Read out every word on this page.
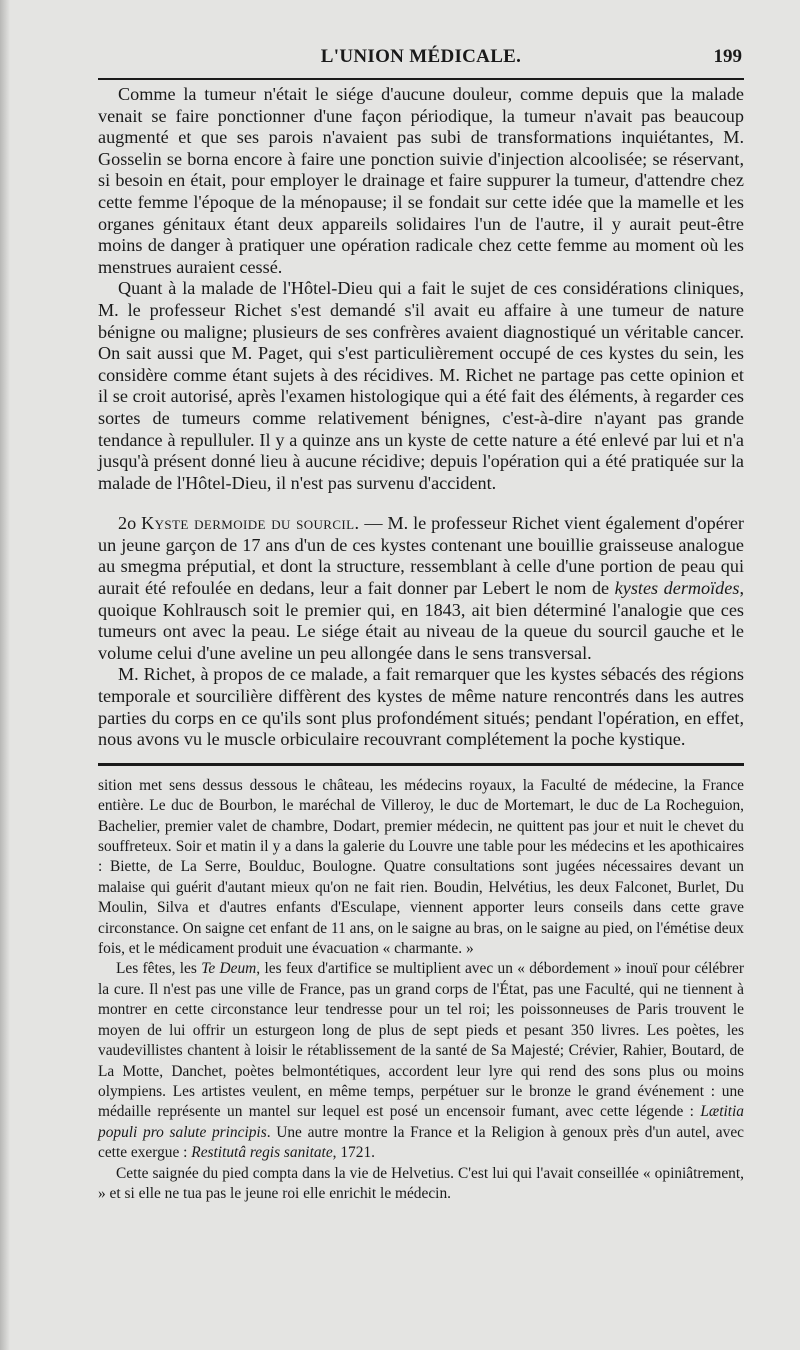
L'UNION MÉDICALE.	199

Comme la tumeur n'était le siége d'aucune douleur, comme depuis que la malade venait se faire ponctionner d'une façon périodique, la tumeur n'avait pas beaucoup augmenté et que ses parois n'avaient pas subi de transformations inquiétantes, M. Gosselin se borna encore à faire une ponction suivie d'injection alcoolisée; se réservant, si besoin en était, pour employer le drainage et faire suppurer la tumeur, d'attendre chez cette femme l'époque de la ménopause; il se fondait sur cette idée que la mamelle et les organes génitaux étant deux appareils solidaires l'un de l'autre, il y aurait peut-être moins de danger à pratiquer une opération radicale chez cette femme au moment où les menstrues auraient cessé.

Quant à la malade de l'Hôtel-Dieu qui a fait le sujet de ces considérations cliniques, M. le professeur Richet s'est demandé s'il avait eu affaire à une tumeur de nature bénigne ou maligne; plusieurs de ses confrères avaient diagnostiqué un véritable cancer. On sait aussi que M. Paget, qui s'est particulièrement occupé de ces kystes du sein, les considère comme étant sujets à des récidives. M. Richet ne partage pas cette opinion et il se croit autorisé, après l'examen histologique qui a été fait des éléments, à regarder ces sortes de tumeurs comme relativement bénignes, c'est-à-dire n'ayant pas grande tendance à repulluler. Il y a quinze ans un kyste de cette nature a été enlevé par lui et n'a jusqu'à présent donné lieu à aucune récidive; depuis l'opération qui a été pratiquée sur la malade de l'Hôtel-Dieu, il n'est pas survenu d'accident.

2o Kyste dermoide du sourcil. — M. le professeur Richet vient également d'opérer un jeune garçon de 17 ans d'un de ces kystes contenant une bouillie graisseuse analogue au smegma préputial, et dont la structure, ressemblant à celle d'une portion de peau qui aurait été refoulée en dedans, leur a fait donner par Lebert le nom de kystes dermoïdes, quoique Kohlrausch soit le premier qui, en 1843, ait bien déterminé l'analogie que ces tumeurs ont avec la peau. Le siége était au niveau de la queue du sourcil gauche et le volume celui d'une aveline un peu allongée dans le sens transversal.

M. Richet, à propos de ce malade, a fait remarquer que les kystes sébacés des régions temporale et sourcilière diffèrent des kystes de même nature rencontrés dans les autres parties du corps en ce qu'ils sont plus profondément situés; pendant l'opération, en effet, nous avons vu le muscle orbiculaire recouvrant complétement la poche kystique.

sition met sens dessus dessous le château, les médecins royaux, la Faculté de médecine, la France entière. Le duc de Bourbon, le maréchal de Villeroy, le duc de Mortemart, le duc de La Rocheguion, Bachelier, premier valet de chambre, Dodart, premier médecin, ne quittent pas jour et nuit le chevet du souffreteux. Soir et matin il y a dans la galerie du Louvre une table pour les médecins et les apothicaires : Biette, de La Serre, Boulduc, Boulogne. Quatre consultations sont jugées nécessaires devant un malaise qui guérit d'autant mieux qu'on ne fait rien. Boudin, Helvétius, les deux Falconet, Burlet, Du Moulin, Silva et d'autres enfants d'Esculape, viennent apporter leurs conseils dans cette grave circonstance. On saigne cet enfant de 11 ans, on le saigne au bras, on le saigne au pied, on l'émétise deux fois, et le médicament produit une évacuation « charmante. »

Les fêtes, les Te Deum, les feux d'artifice se multiplient avec un « débordement » inouï pour célébrer la cure. Il n'est pas une ville de France, pas un grand corps de l'État, pas une Faculté, qui ne tiennent à montrer en cette circonstance leur tendresse pour un tel roi; les poissonneuses de Paris trouvent le moyen de lui offrir un esturgeon long de plus de sept pieds et pesant 350 livres. Les poètes, les vaudevillistes chantent à loisir le rétablissement de la santé de Sa Majesté; Crévier, Rahier, Boutard, de La Motte, Danchet, poètes belmontétiques, accordent leur lyre qui rend des sons plus ou moins olympiens. Les artistes veulent, en même temps, perpétuer sur le bronze le grand événement : une médaille représente un mantel sur lequel est posé un encensoir fumant, avec cette légende : Lætitia populi pro salute principis. Une autre montre la France et la Religion à genoux près d'un autel, avec cette exergue : Restitutâ regis sanitate, 1721.

Cette saignée du pied compta dans la vie de Helvetius. C'est lui qui l'avait conseillée « opiniâtrement, » et si elle ne tua pas le jeune roi elle enrichit le médecin.
